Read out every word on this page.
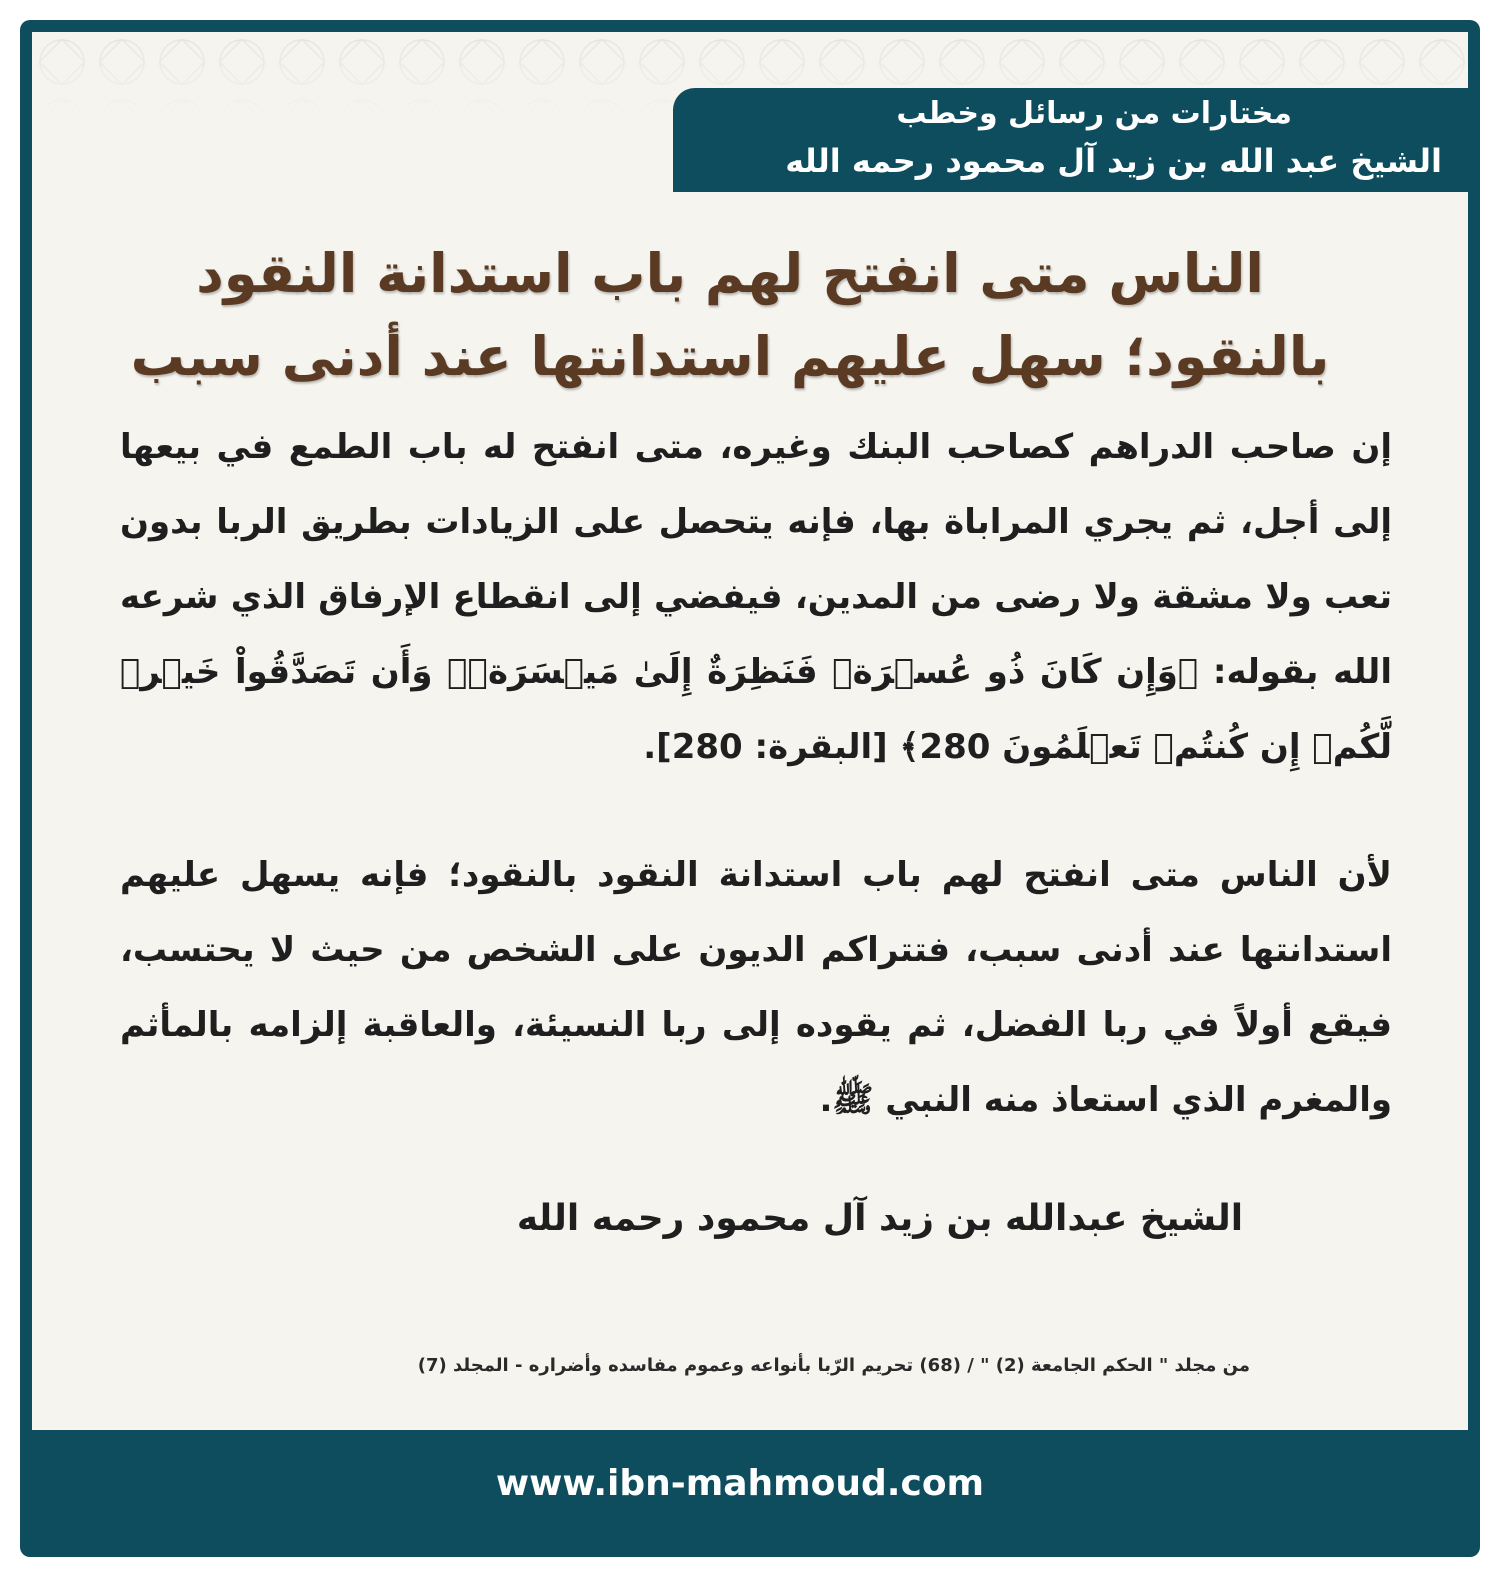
مختارات من رسائل وخطب
الشيخ عبد الله بن زيد آل محمود رحمه الله
الناس متى انفتح لهم باب استدانة النقود
بالنقود؛ سهل عليهم استدانتها عند أدنى سبب
إن صاحب الدراهم كصاحب البنك وغيره، متى انفتح له باب الطمع في بيعها إلى أجل، ثم يجري المراباة بها، فإنه يتحصل على الزيادات بطريق الربا بدون تعب ولا مشقة ولا رضى من المدين، فيفضي إلى انقطاع الإرفاق الذي شرعه الله بقوله: ﴿وَإِن كَانَ ذُو عُسۡرَةٖ فَنَظِرَةٌ إِلَىٰ مَيۡسَرَةٖۚ وَأَن تَصَدَّقُواْ خَيۡرٞ لَّكُمۡ إِن كُنتُمۡ تَعۡلَمُونَ 280﴾ [البقرة: 280].
لأن الناس متى انفتح لهم باب استدانة النقود بالنقود؛ فإنه يسهل عليهم استدانتها عند أدنى سبب، فتتراكم الديون على الشخص من حيث لا يحتسب، فيقع أولاً في ربا الفضل، ثم يقوده إلى ربا النسيئة، والعاقبة إلزامه بالمأثم والمغرم الذي استعاذ منه النبي ﷺ.
الشيخ عبدالله بن زيد آل محمود رحمه الله
من مجلد " الحكم الجامعة (2) " / (68) تحريم الرّبا بأنواعه وعموم مفاسده وأضراره - المجلد (7)
www.ibn-mahmoud.com
